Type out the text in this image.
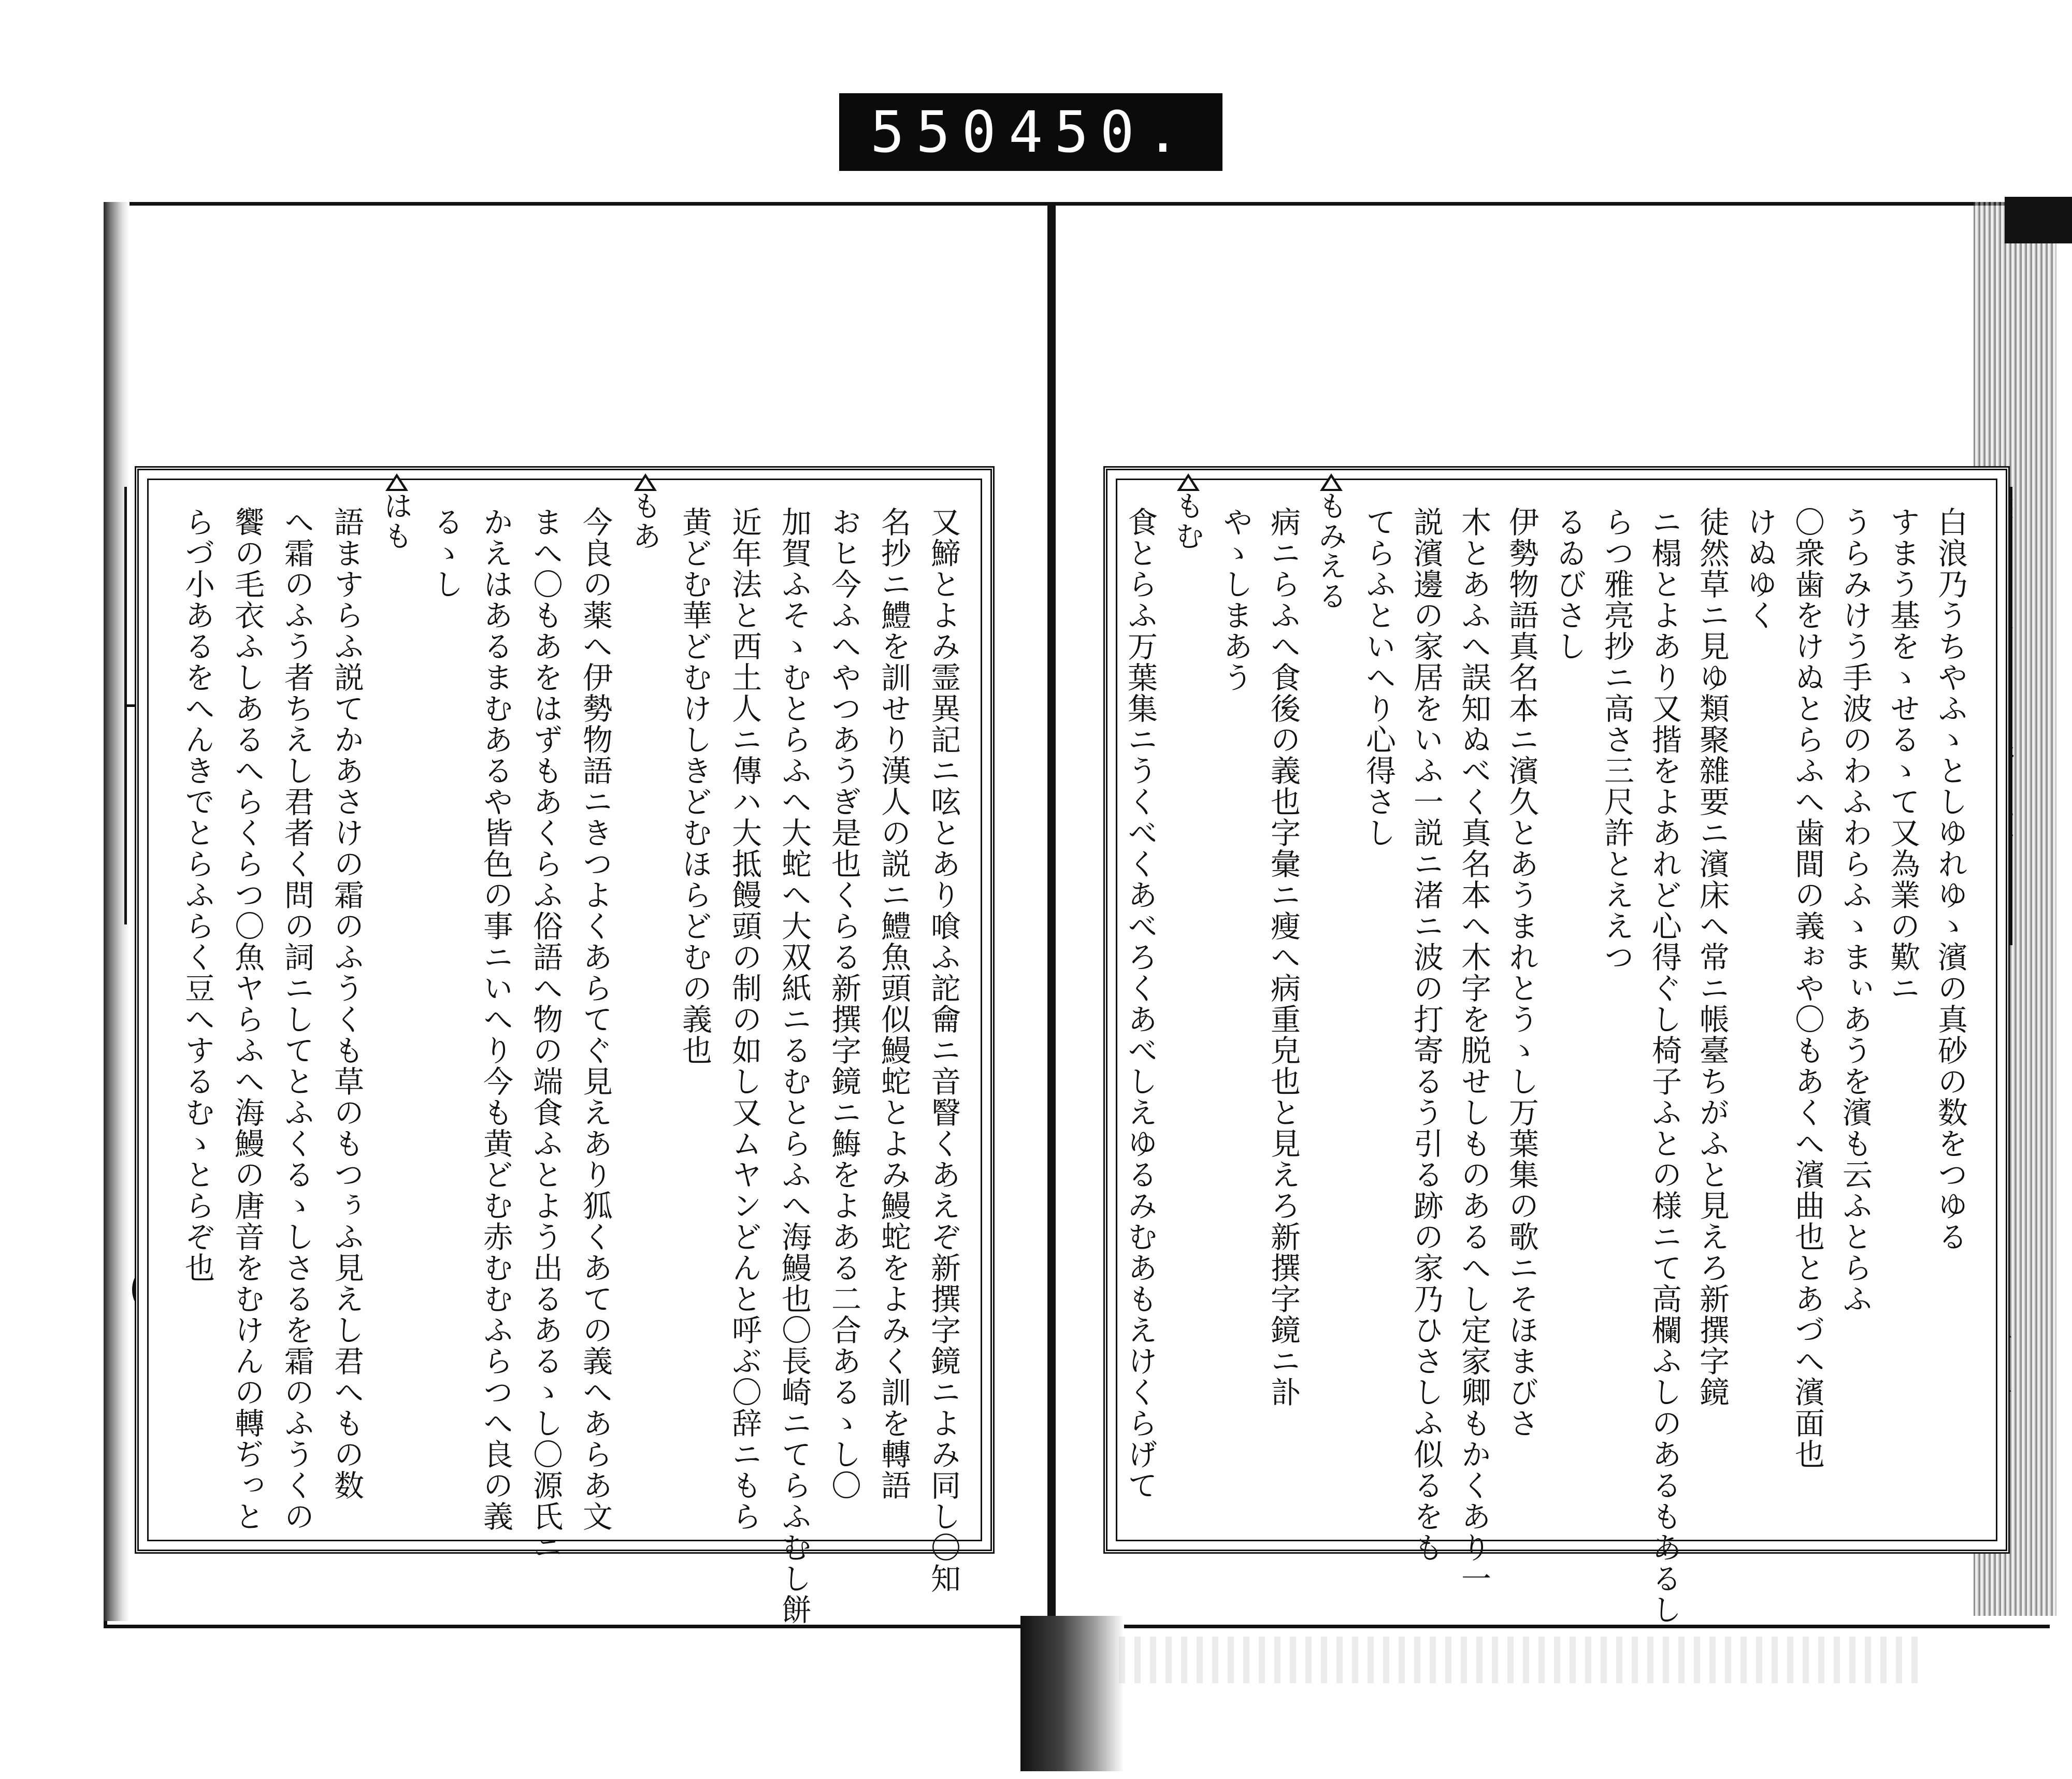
550 450.
又䱱とよみ霊異記ニ呟とあり喰ふ詑龠ニ音瞖くあえぞ新撰字鏡ニよみ同し〇知
名抄ニ鱧を訓せり漢人の説ニ鱧魚頭似鰻蛇とよみ鰻蛇をよみく訓を轉語
おヒ今ふへやつあうぎ是也くらる新撰字鏡ニ䱕をよある二合あるゝし〇
加賀ふそゝむとらふへ大蛇へ大双紙ニるむとらふへ海鰻也〇長崎ニてらふむし餅
近年法と西土人ニ傳ハ大抵饅頭の制の如し又ムヤンどんと呼ぶ〇辞ニもら
黄どむ華どむけしきどむほらどむの義也
もあ
今良の薬へ伊勢物語ニきつよくあらてぐ見えあり狐くあての義へあらあ文
まへ〇もあをはずもあくらふ俗語へ物の端食ふとよう出るあるゝし〇源氏ニ
かえはあるまむあるや皆色の事ニいへり今も黄どむ赤むむふらつへ良の義
るゝし
はも
語ますらふ説てかあさけの霜のふうくも草のもつぅふ見えし君へもの数
へ霜のふう者ちえし君者く問の詞ニしてとふくるゝしさるを霜のふうくの
饗の毛衣ふしあるへらくらつ〇魚ヤらふへ海鰻の唐音をむけんの轉ぢっと
らづ小あるをへんきでとらふらく豆へするむゝとらぞ也	白浪乃うちやふゝとしゆれゆゝ濱の真砂の数をつゆる
すまう基をゝせるゝて又為業の歎ニ
うらみけう手波のわふわらふゝまぃあうを濱も云ふとらふ
〇衆歯をけぬとらふへ歯間の義ぉや〇もあくへ濱曲也とあづへ濱面也
けぬゆく
徒然草ニ見ゆ類聚雜要ニ濱床へ常ニ帳臺ちがふと見えろ新撰字鏡
ニ榻とよあり又揩をよあれど心得ぐし椅子ふとの様ニて高欄ふしのあるもあるし
らつ雅亮抄ニ高さ三尺許とええつ
るゐびさし
伊勢物語真名本ニ濱久とあうまれとうゝし万葉集の歌ニそほまびさ
木とあふへ誤知ぬべく真名本へ木字を脱せしものあるへし定家卿もかくあり一
説濱邊の家居をいふ一説ニ渚ニ波の打寄るう引る跡の家乃ひさしふ似るをも
てらふといへり心得さし
もみえる
病ニらふへ食後の義也字彙ニ瘦へ病重皃也と見えろ新撰字鏡ニ訃
やゝしまあう
もむ
食とらふ万葉集ニうくべくあべろくあべしえゆるみむあもえけくらげて
